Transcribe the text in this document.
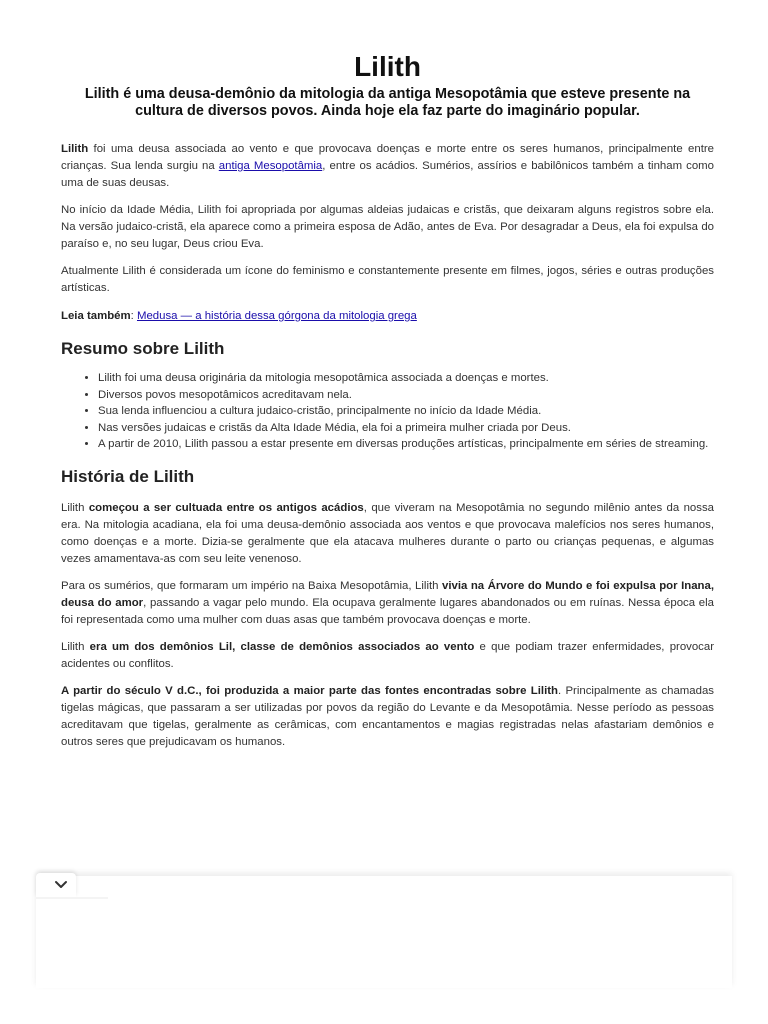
Lilith
Lilith é uma deusa-demônio da mitologia da antiga Mesopotâmia que esteve presente na cultura de diversos povos. Ainda hoje ela faz parte do imaginário popular.

Lilith foi uma deusa associada ao vento e que provocava doenças e morte entre os seres humanos, principalmente entre crianças. Sua lenda surgiu na antiga Mesopotâmia, entre os acádios. Sumérios, assírios e babilônicos também a tinham como uma de suas deusas.

No início da Idade Média, Lilith foi apropriada por algumas aldeias judaicas e cristãs, que deixaram alguns registros sobre ela. Na versão judaico-cristã, ela aparece como a primeira esposa de Adão, antes de Eva. Por desagradar a Deus, ela foi expulsa do paraíso e, no seu lugar, Deus criou Eva.

Atualmente Lilith é considerada um ícone do feminismo e constantemente presente em filmes, jogos, séries e outras produções artísticas.

Leia também: Medusa — a história dessa górgona da mitologia grega

Resumo sobre Lilith
• Lilith foi uma deusa originária da mitologia mesopotâmica associada a doenças e mortes.
• Diversos povos mesopotâmicos acreditavam nela.
• Sua lenda influenciou a cultura judaico-cristão, principalmente no início da Idade Média.
• Nas versões judaicas e cristãs da Alta Idade Média, ela foi a primeira mulher criada por Deus.
• A partir de 2010, Lilith passou a estar presente em diversas produções artísticas, principalmente em séries de streaming.
História de Lilith

Lilith começou a ser cultuada entre os antigos acádios, que viveram na Mesopotâmia no segundo milênio antes da nossa era. Na mitologia acadiana, ela foi uma deusa-demônio associada aos ventos e que provocava malefícios nos seres humanos, como doenças e a morte. Dizia-se geralmente que ela atacava mulheres durante o parto ou crianças pequenas, e algumas vezes amamentava-as com seu leite venenoso.

Para os sumérios, que formaram um império na Baixa Mesopotâmia, Lilith vivia na Árvore do Mundo e foi expulsa por Inana, deusa do amor, passando a vagar pelo mundo. Ela ocupava geralmente lugares abandonados ou em ruínas. Nessa época ela foi representada como uma mulher com duas asas que também provocava doenças e morte.

Lilith era um dos demônios Lil, classe de demônios associados ao vento e que podiam trazer enfermidades, provocar acidentes ou conflitos.

A partir do século V d.C., foi produzida a maior parte das fontes encontradas sobre Lilith. Principalmente as chamadas tigelas mágicas, que passaram a ser utilizadas por povos da região do Levante e da Mesopotâmia. Nesse período as pessoas acreditavam que tigelas, geralmente as cerâmicas, com encantamentos e magias registradas nelas afastariam demônios e outros seres que prejudicavam os humanos.
